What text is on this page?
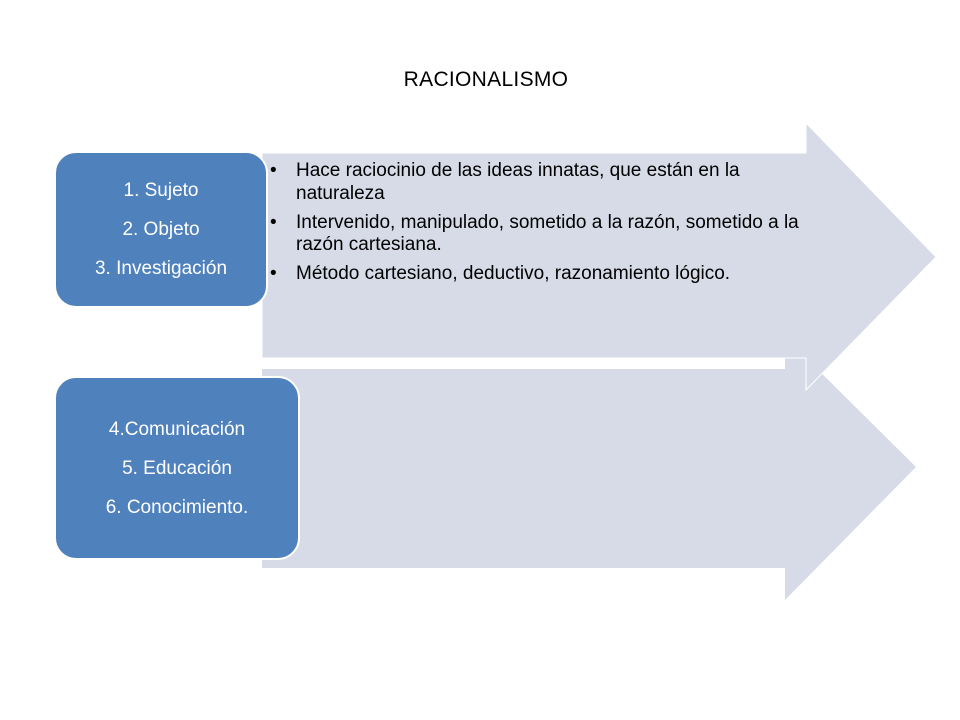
RACIONALISMO
1. Sujeto
2. Objeto
3. Investigación
• Hace raciocinio de las ideas innatas, que están en la naturaleza
• Intervenido, manipulado, sometido a la razón, sometido a la razón cartesiana.
• Método cartesiano, deductivo, razonamiento lógico.
4.Comunicación
5. Educación
6. Conocimiento.
